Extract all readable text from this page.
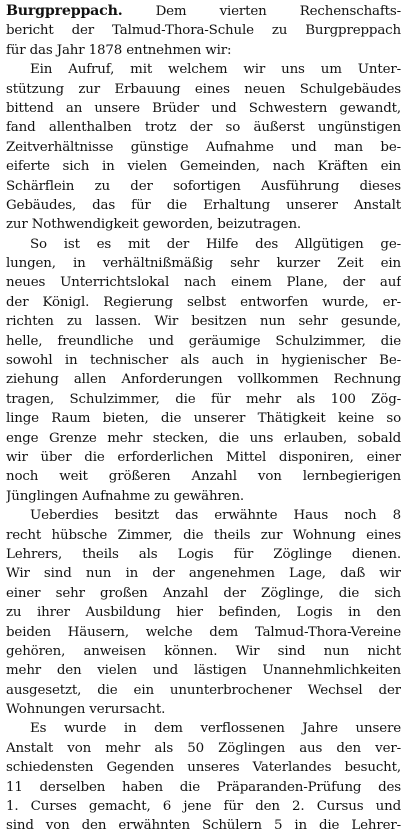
Burgpreppach. Dem vierten Rechenschafts-
bericht der Talmud-Thora-Schule zu Burgpreppach
für das Jahr 1878 entnehmen wir:
Ein Aufruf, mit welchem wir uns um Unter-
stützung zur Erbauung eines neuen Schulgebäudes
bittend an unsere Brüder und Schwestern gewandt,
fand allenthalben trotz der so äußerst ungünstigen
Zeitverhältnisse günstige Aufnahme und man be-
eiferte sich in vielen Gemeinden, nach Kräften ein
Schärflein zu der sofortigen Ausführung dieses
Gebäudes, das für die Erhaltung unserer Anstalt
zur Nothwendigkeit geworden, beizutragen.
So ist es mit der Hilfe des Allgütigen ge-
lungen, in verhältnißmäßig sehr kurzer Zeit ein
neues Unterrichtslokal nach einem Plane, der auf
der Königl. Regierung selbst entworfen wurde, er-
richten zu lassen. Wir besitzen nun sehr gesunde,
helle, freundliche und geräumige Schulzimmer, die
sowohl in technischer als auch in hygienischer Be-
ziehung allen Anforderungen vollkommen Rechnung
tragen, Schulzimmer, die für mehr als 100 Zög-
linge Raum bieten, die unserer Thätigkeit keine so
enge Grenze mehr stecken, die uns erlauben, sobald
wir über die erforderlichen Mittel disponiren, einer
noch weit größeren Anzahl von lernbegierigen
Jünglingen Aufnahme zu gewähren.
Ueberdies besitzt das erwähnte Haus noch 8
recht hübsche Zimmer, die theils zur Wohnung eines
Lehrers, theils als Logis für Zöglinge dienen.
Wir sind nun in der angenehmen Lage, daß wir
einer sehr großen Anzahl der Zöglinge, die sich
zu ihrer Ausbildung hier befinden, Logis in den
beiden Häusern, welche dem Talmud-Thora-Vereine
gehören, anweisen können. Wir sind nun nicht
mehr den vielen und lästigen Unannehmlichkeiten
ausgesetzt, die ein ununterbrochener Wechsel der
Wohnungen verursacht.
Es wurde in dem verflossenen Jahre unsere
Anstalt von mehr als 50 Zöglingen aus den ver-
schiedensten Gegenden unseres Vaterlandes besucht,
11 derselben haben die Präparanden-Prüfung des
1. Curses gemacht, 6 jene für den 2. Cursus und
sind von den erwähnten Schülern 5 in die Lehrer-
